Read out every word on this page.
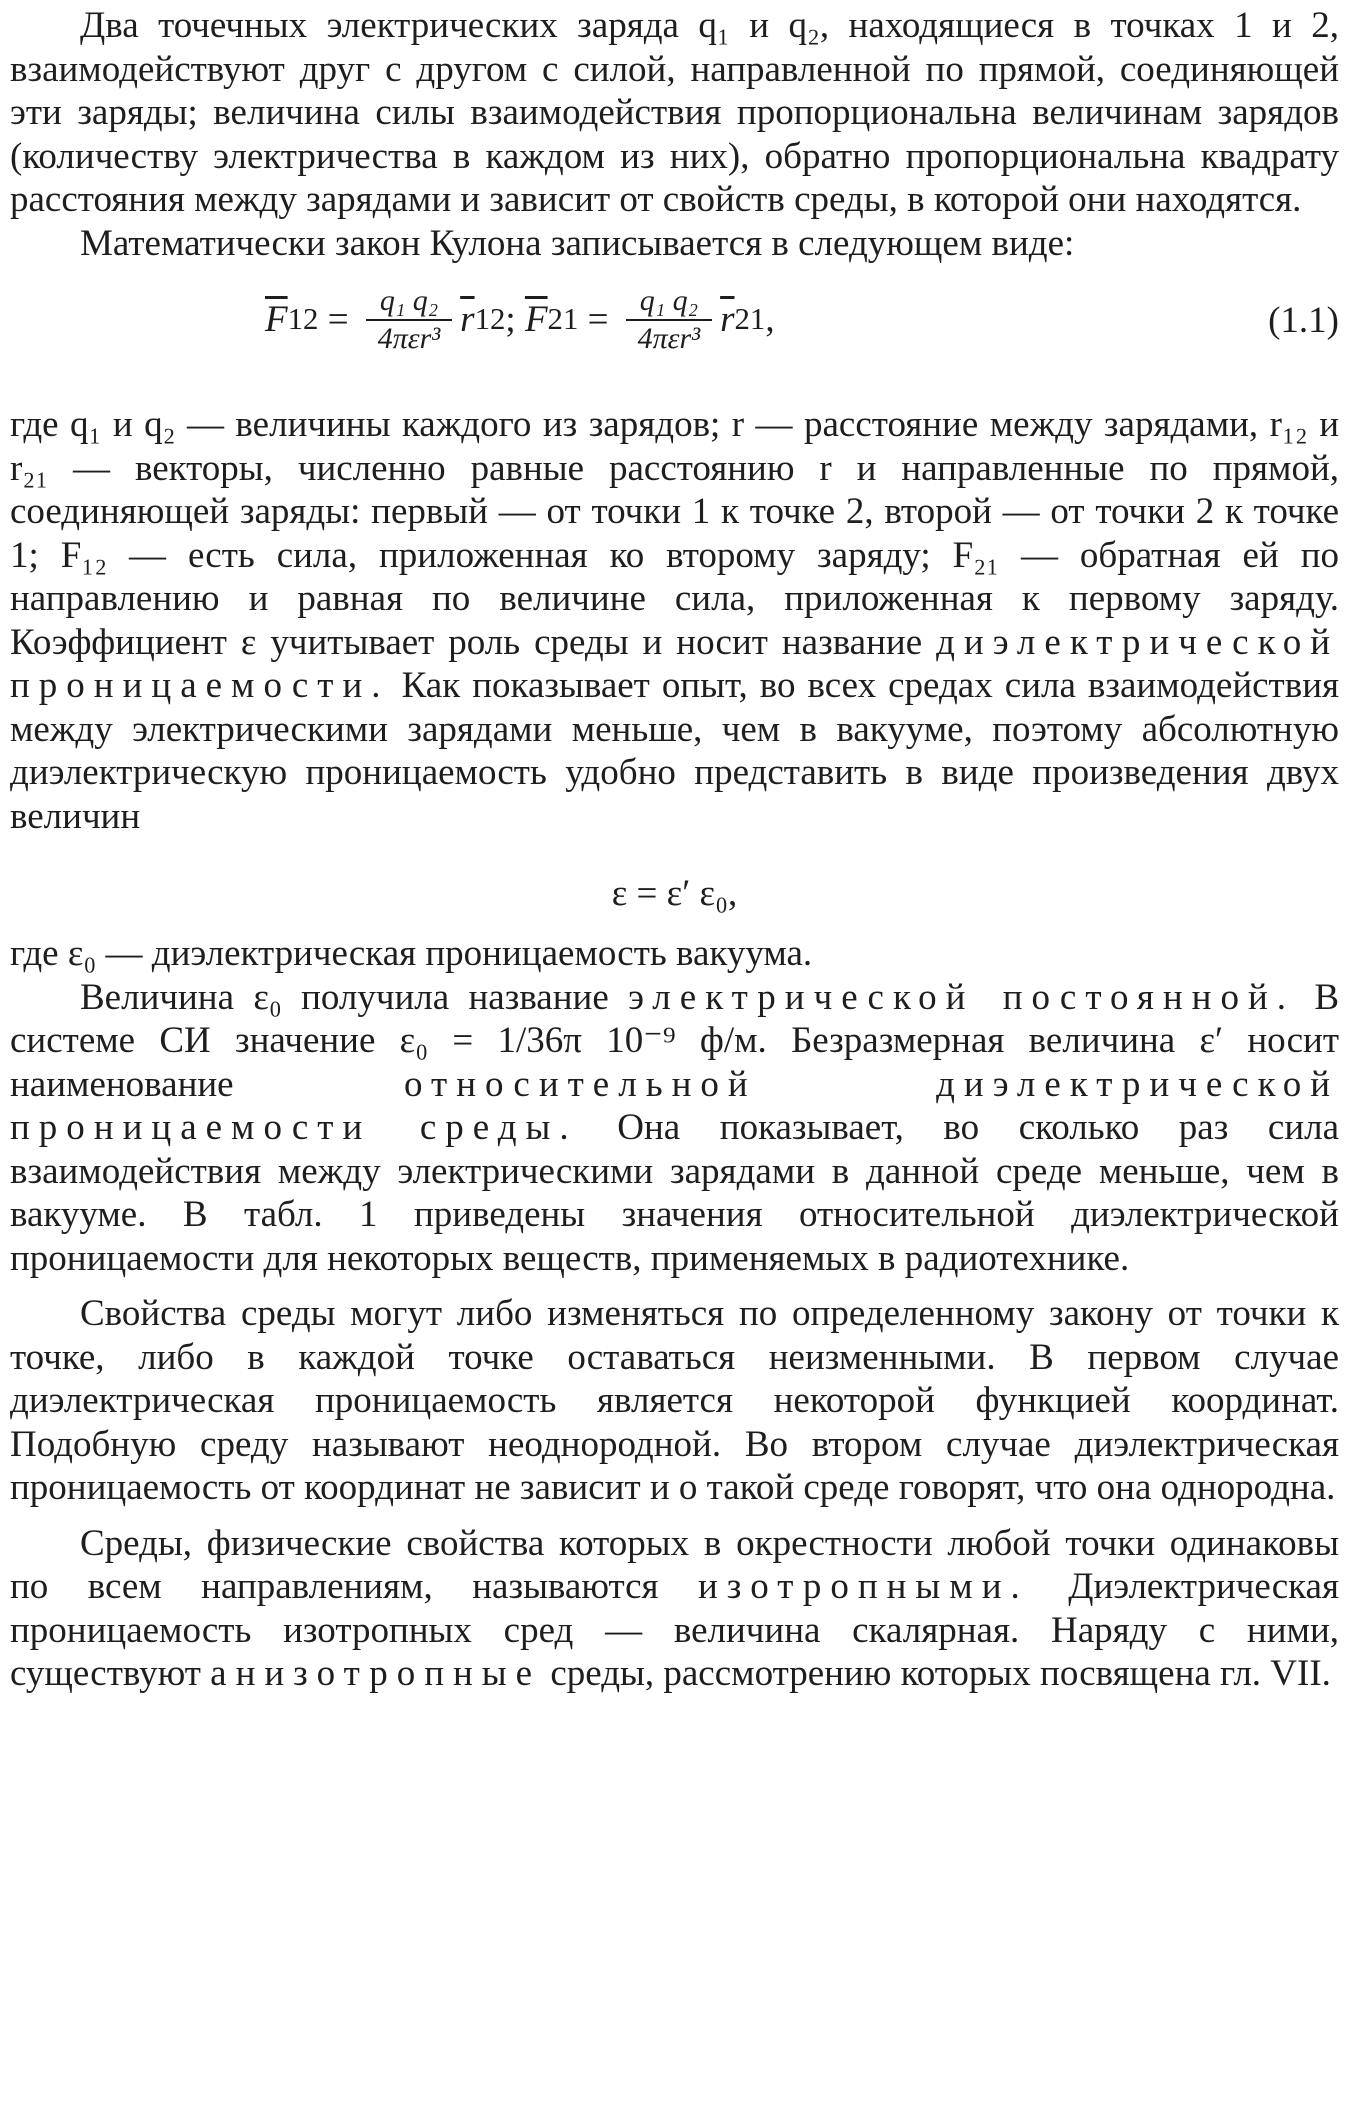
Два точечных электрических заряда q₁ и q₂, находящиеся в точках 1 и 2, взаимодействуют друг с другом с силой, направленной по прямой, соединяющей эти заряды; величина силы взаимодействия пропорциональна величинам зарядов (количеству электричества в каждом из них), обратно пропорциональна квадрату расстояния между зарядами и зависит от свойств среды, в которой они находятся.

Математически закон Кулона записывается в следующем виде:

$\overline{F}$ $12 = \frac{\text{q₁ q₂}}{\text{4πεr³}} \overline{r}$ 12 ; $\overline{F}$ $21 = \frac{\text{q₁ q₂}}{\text{4πεr³}} \overline{r}$ 21 ,	(1.1)

где q₁ и q₂ — величины каждого из зарядов; r — расстояние между зарядами, r₁₂ и r₂₁ — векторы, численно равные расстоянию r и направленные по прямой, соединяющей заряды: первый — от точки 1 к точке 2, второй — от точки 2 к точке 1; F₁₂ — есть сила, приложенная ко второму заряду; F₂₁ — обратная ей по направлению и равная по величине сила, приложенная к первому заряду. Коэффициент ε учитывает роль среды и носит название диэлектрической проницаемости. Как показывает опыт, во всех средах сила взаимодействия между электрическими зарядами меньше, чем в вакууме, поэтому абсолютную диэлектрическую проницаемость удобно представить в виде произведения двух величин

ε = ε′ ε₀,

где ε₀ — диэлектрическая проницаемость вакуума.

Величина ε₀ получила название электрической постоянной. В системе СИ значение ε₀ = 1/36π 10⁻⁹ ф/м. Безразмерная величина ε′ носит наименование	относительной диэлектрической проницаемости среды. Она показывает, во сколько раз сила взаимодействия между электрическими зарядами в данной среде меньше, чем в вакууме. В табл. 1 приведены значения относительной диэлектрической проницаемости для некоторых веществ, применяемых в радиотехнике.

Свойства среды могут либо изменяться по определенному закону от точки к точке, либо в каждой точке оставаться неизменными. В первом случае диэлектрическая проницаемость является некоторой функцией координат. Подобную среду называют неоднородной. Во втором случае диэлектрическая проницаемость от координат не зависит и о такой среде говорят, что она однородна.

Среды, физические свойства которых в окрестности любой точки одинаковы по всем направлениям, называются изотропными. Диэлектрическая проницаемость изотропных сред — величина скалярная. Наряду с ними, существуют анизотропные среды, рассмотрению которых посвящена гл. VII.
